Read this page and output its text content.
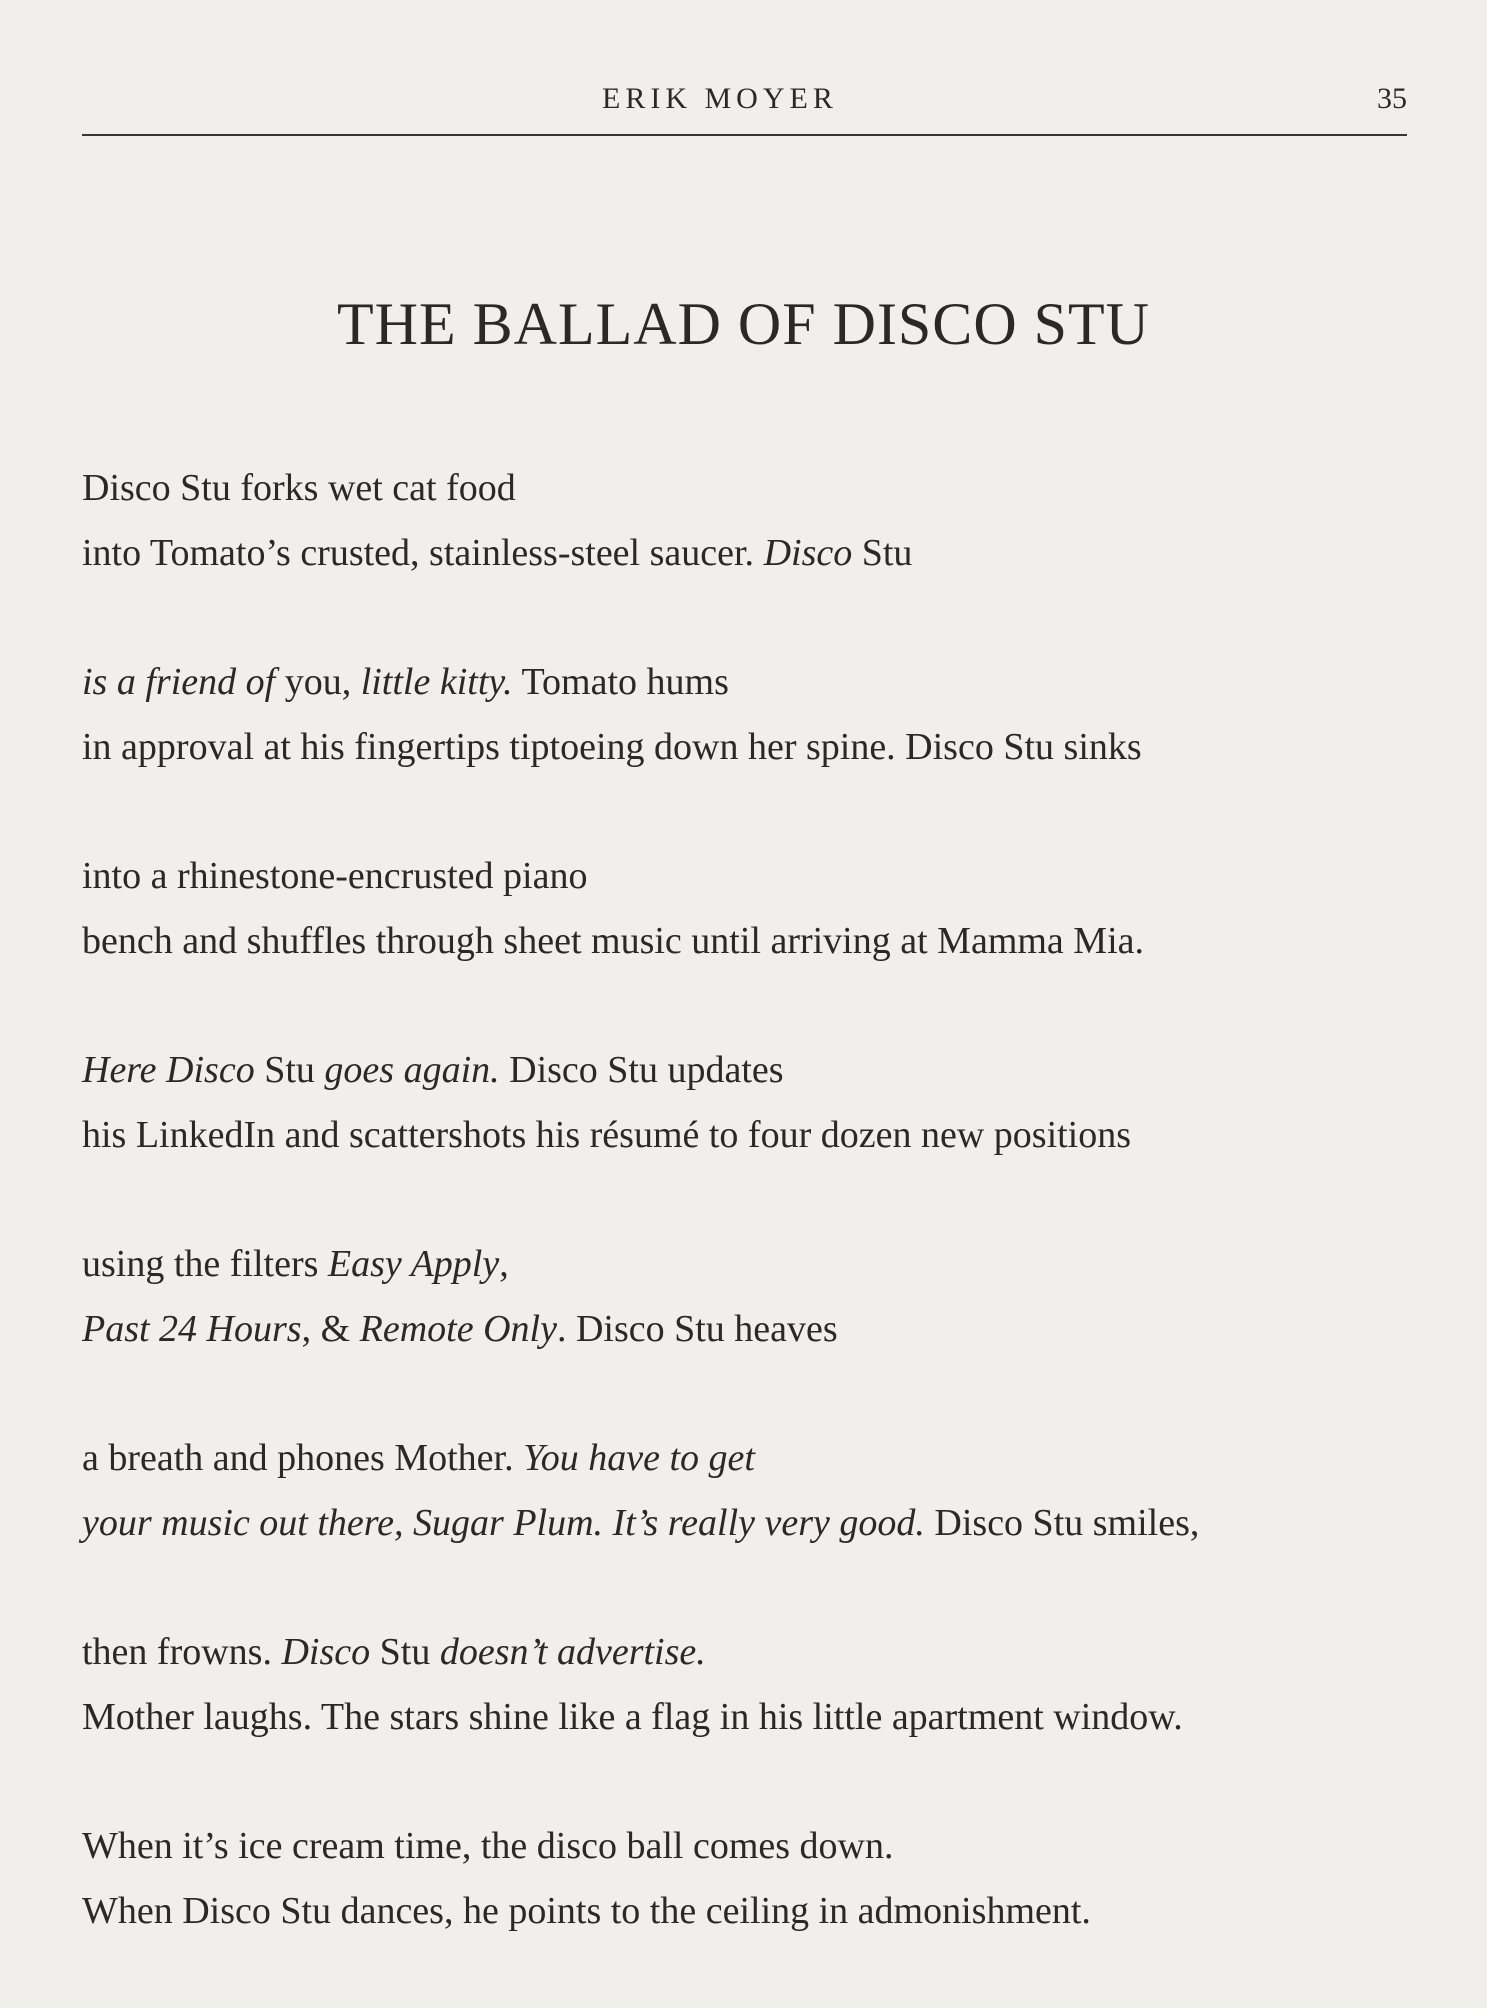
ERIK MOYER	35
THE BALLAD OF DISCO STU
Disco Stu forks wet cat food
into Tomato’s crusted, stainless-steel saucer. Disco Stu
is a friend of you, little kitty. Tomato hums
in approval at his fingertips tiptoeing down her spine. Disco Stu sinks
into a rhinestone-encrusted piano
bench and shuffles through sheet music until arriving at Mamma Mia.
Here Disco Stu goes again. Disco Stu updates
his LinkedIn and scattershots his résumé to four dozen new positions
using the filters Easy Apply,
Past 24 Hours, & Remote Only. Disco Stu heaves
a breath and phones Mother. You have to get
your music out there, Sugar Plum. It’s really very good. Disco Stu smiles,
then frowns. Disco Stu doesn’t advertise.
Mother laughs. The stars shine like a flag in his little apartment window.
When it’s ice cream time, the disco ball comes down.
When Disco Stu dances, he points to the ceiling in admonishment.
